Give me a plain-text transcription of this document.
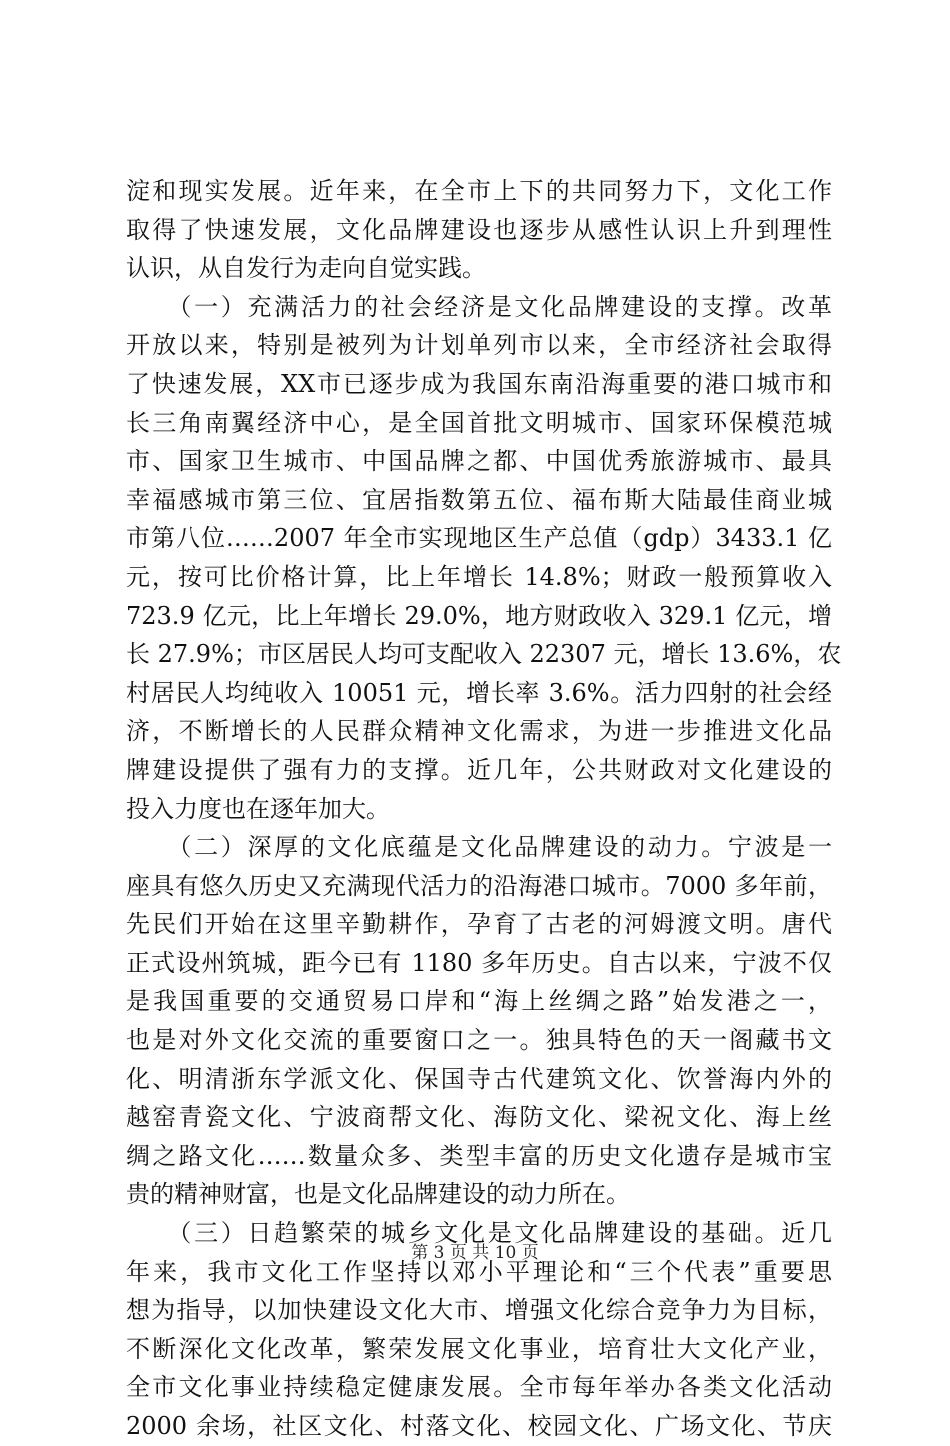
淀和现实发展。近年来，在全市上下的共同努力下，文化工作
取得了快速发展，文化品牌建设也逐步从感性认识上升到理性
认识，从自发行为走向自觉实践。
　　（一）充满活力的社会经济是文化品牌建设的支撑。改革
开放以来，特别是被列为计划单列市以来，全市经济社会取得
了快速发展，XX市已逐步成为我国东南沿海重要的港口城市和
长三角南翼经济中心，是全国首批文明城市、国家环保模范城
市、国家卫生城市、中国品牌之都、中国优秀旅游城市、最具
幸福感城市第三位、宜居指数第五位、福布斯大陆最佳商业城
市第八位……2007 年全市实现地区生产总值（gdp）3433.1 亿
元，按可比价格计算，比上年增长 14.8%；财政一般预算收入
723.9 亿元，比上年增长 29.0%，地方财政收入 329.1 亿元，增
长 27.9%；市区居民人均可支配收入 22307 元，增长 13.6%，农
村居民人均纯收入 10051 元，增长率 3.6%。活力四射的社会经
济，不断增长的人民群众精神文化需求，为进一步推进文化品
牌建设提供了强有力的支撑。近几年，公共财政对文化建设的
投入力度也在逐年加大。
　　（二）深厚的文化底蕴是文化品牌建设的动力。宁波是一
座具有悠久历史又充满现代活力的沿海港口城市。7000 多年前，
先民们开始在这里辛勤耕作，孕育了古老的河姆渡文明。唐代
正式设州筑城，距今已有 1180 多年历史。自古以来，宁波不仅
是我国重要的交通贸易口岸和“海上丝绸之路”始发港之一，
也是对外文化交流的重要窗口之一。独具特色的天一阁藏书文
化、明清浙东学派文化、保国寺古代建筑文化、饮誉海内外的
越窑青瓷文化、宁波商帮文化、海防文化、梁祝文化、海上丝
绸之路文化……数量众多、类型丰富的历史文化遗存是城市宝
贵的精神财富，也是文化品牌建设的动力所在。
　　（三）日趋繁荣的城乡文化是文化品牌建设的基础。近几
年来，我市文化工作坚持以邓小平理论和“三个代表”重要思
想为指导，以加快建设文化大市、增强文化综合竞争力为目标，
不断深化文化改革，繁荣发展文化事业，培育壮大文化产业，
全市文化事业持续稳定健康发展。全市每年举办各类文化活动
2000 余场，社区文化、村落文化、校园文化、广场文化、节庆
第 3 页 共 10 页
